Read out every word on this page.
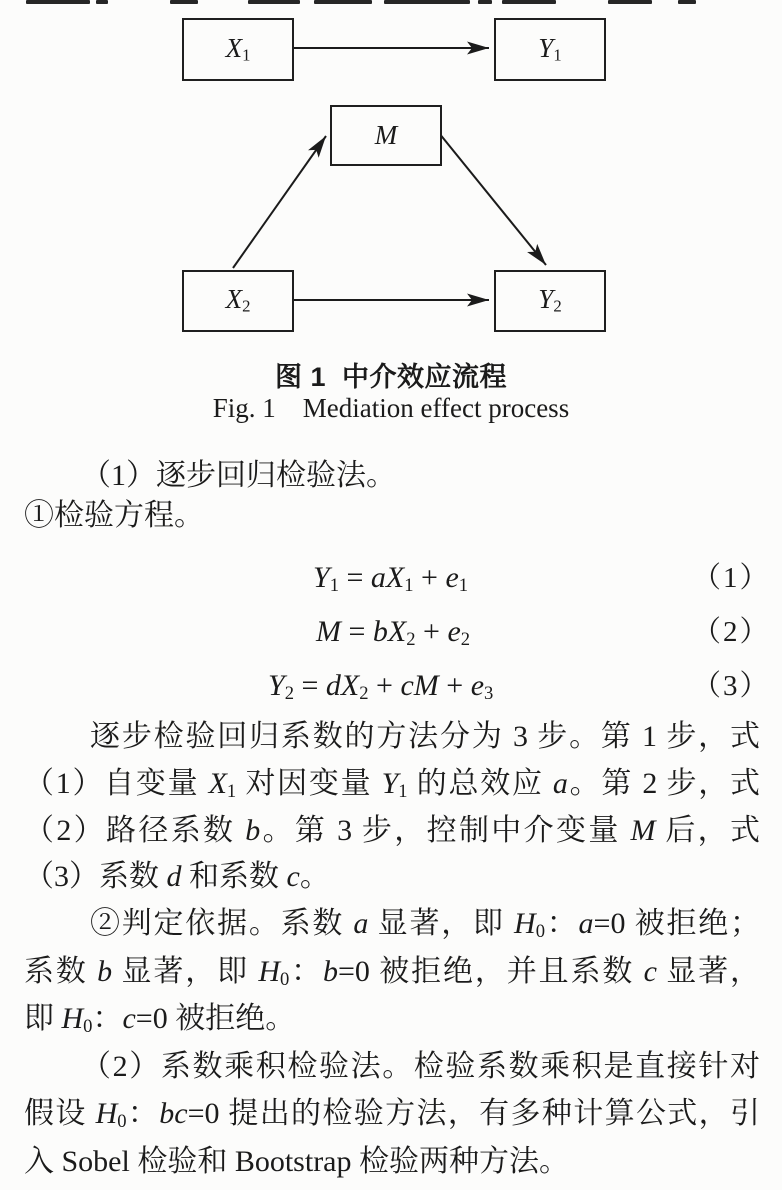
X1	Y1
M
X2	Y2
图 1  中介效应流程
Fig. 1    Mediation effect process
（1）逐步回归检验法。
①检验方程。
Y1 = aX1 + e1	（1）
M = bX2 + e2	（2）
Y2 = dX2 + cM + e3	（3）
逐步检验回归系数的方法分为 3 步。第 1 步，式
（1）自变量 X1 对因变量 Y1 的总效应 a。第 2 步，式
（2）路径系数 b。第 3 步，控制中介变量 M 后，式
（3）系数 d 和系数 c。
②判定依据。系数 a 显著，即 H0：a=0 被拒绝；
系数 b 显著，即 H0：b=0 被拒绝，并且系数 c 显著，
即 H0：c=0 被拒绝。
（2）系数乘积检验法。检验系数乘积是直接针对
假设 H0：bc=0 提出的检验方法，有多种计算公式，引
入 Sobel 检验和 Bootstrap 检验两种方法。
